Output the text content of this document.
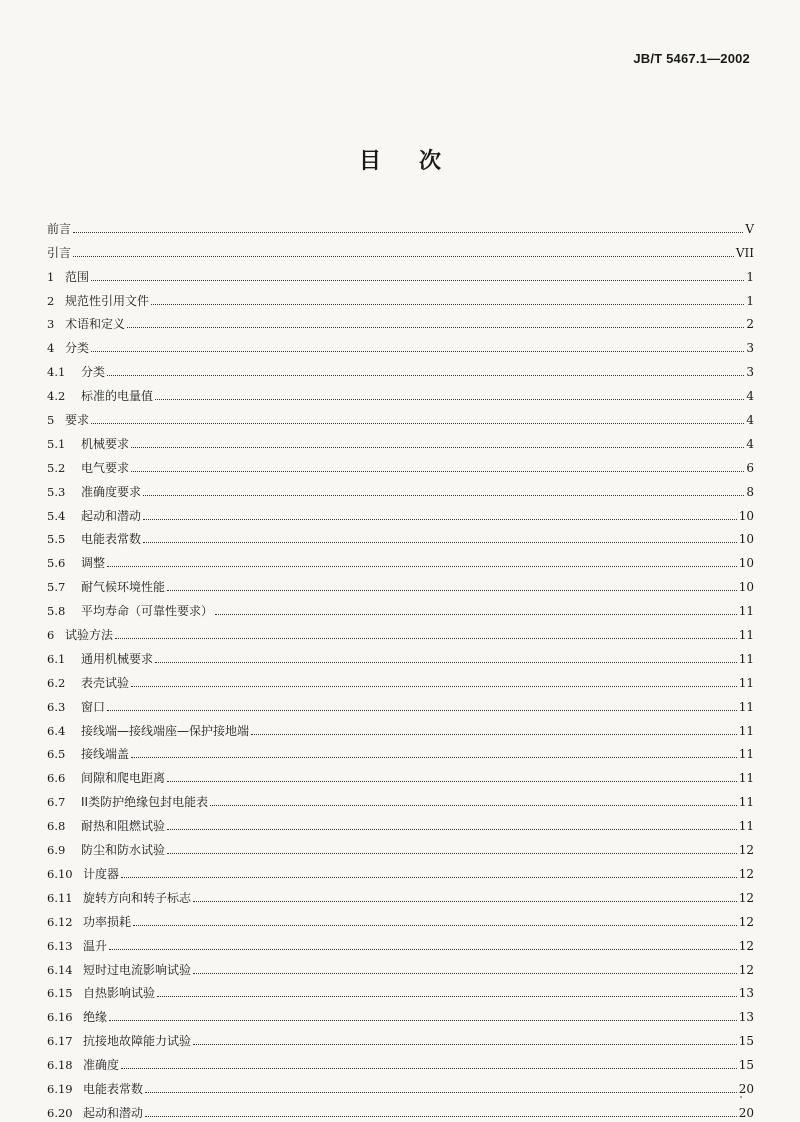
JB/T 5467.1—2002
目次
前言	V
引言	VII
1 范围	1
2 规范性引用文件	1
3 术语和定义	2
4 分类	3
4.1	分类	3
4.2	标准的电量值	4
5 要求	4
5.1	机械要求	4
5.2	电气要求	6
5.3	准确度要求	8
5.4	起动和潜动	10
5.5	电能表常数	10
5.6	调整	10
5.7	耐气候环境性能	10
5.8	平均寿命（可靠性要求）	11
6 试验方法	11
6.1	通用机械要求	11
6.2	表壳试验	11
6.3	窗口	11
6.4	接线端—接线端座—保护接地端	11
6.5	接线端盖	11
6.6	间隙和爬电距离	11
6.7	II类防护绝缘包封电能表	11
6.8	耐热和阻燃试验	11
6.9	防尘和防水试验	12
6.10 计度器	12
6.11 旋转方向和转子标志	12
6.12 功率损耗	12
6.13 温升	12
6.14 短时过电流影响试验	12
6.15 自热影响试验	13
6.16 绝缘	13
6.17 抗接地故障能力试验	15
6.18 准确度	15
6.19 电能表常数	20
6.20 起动和潜动	20
